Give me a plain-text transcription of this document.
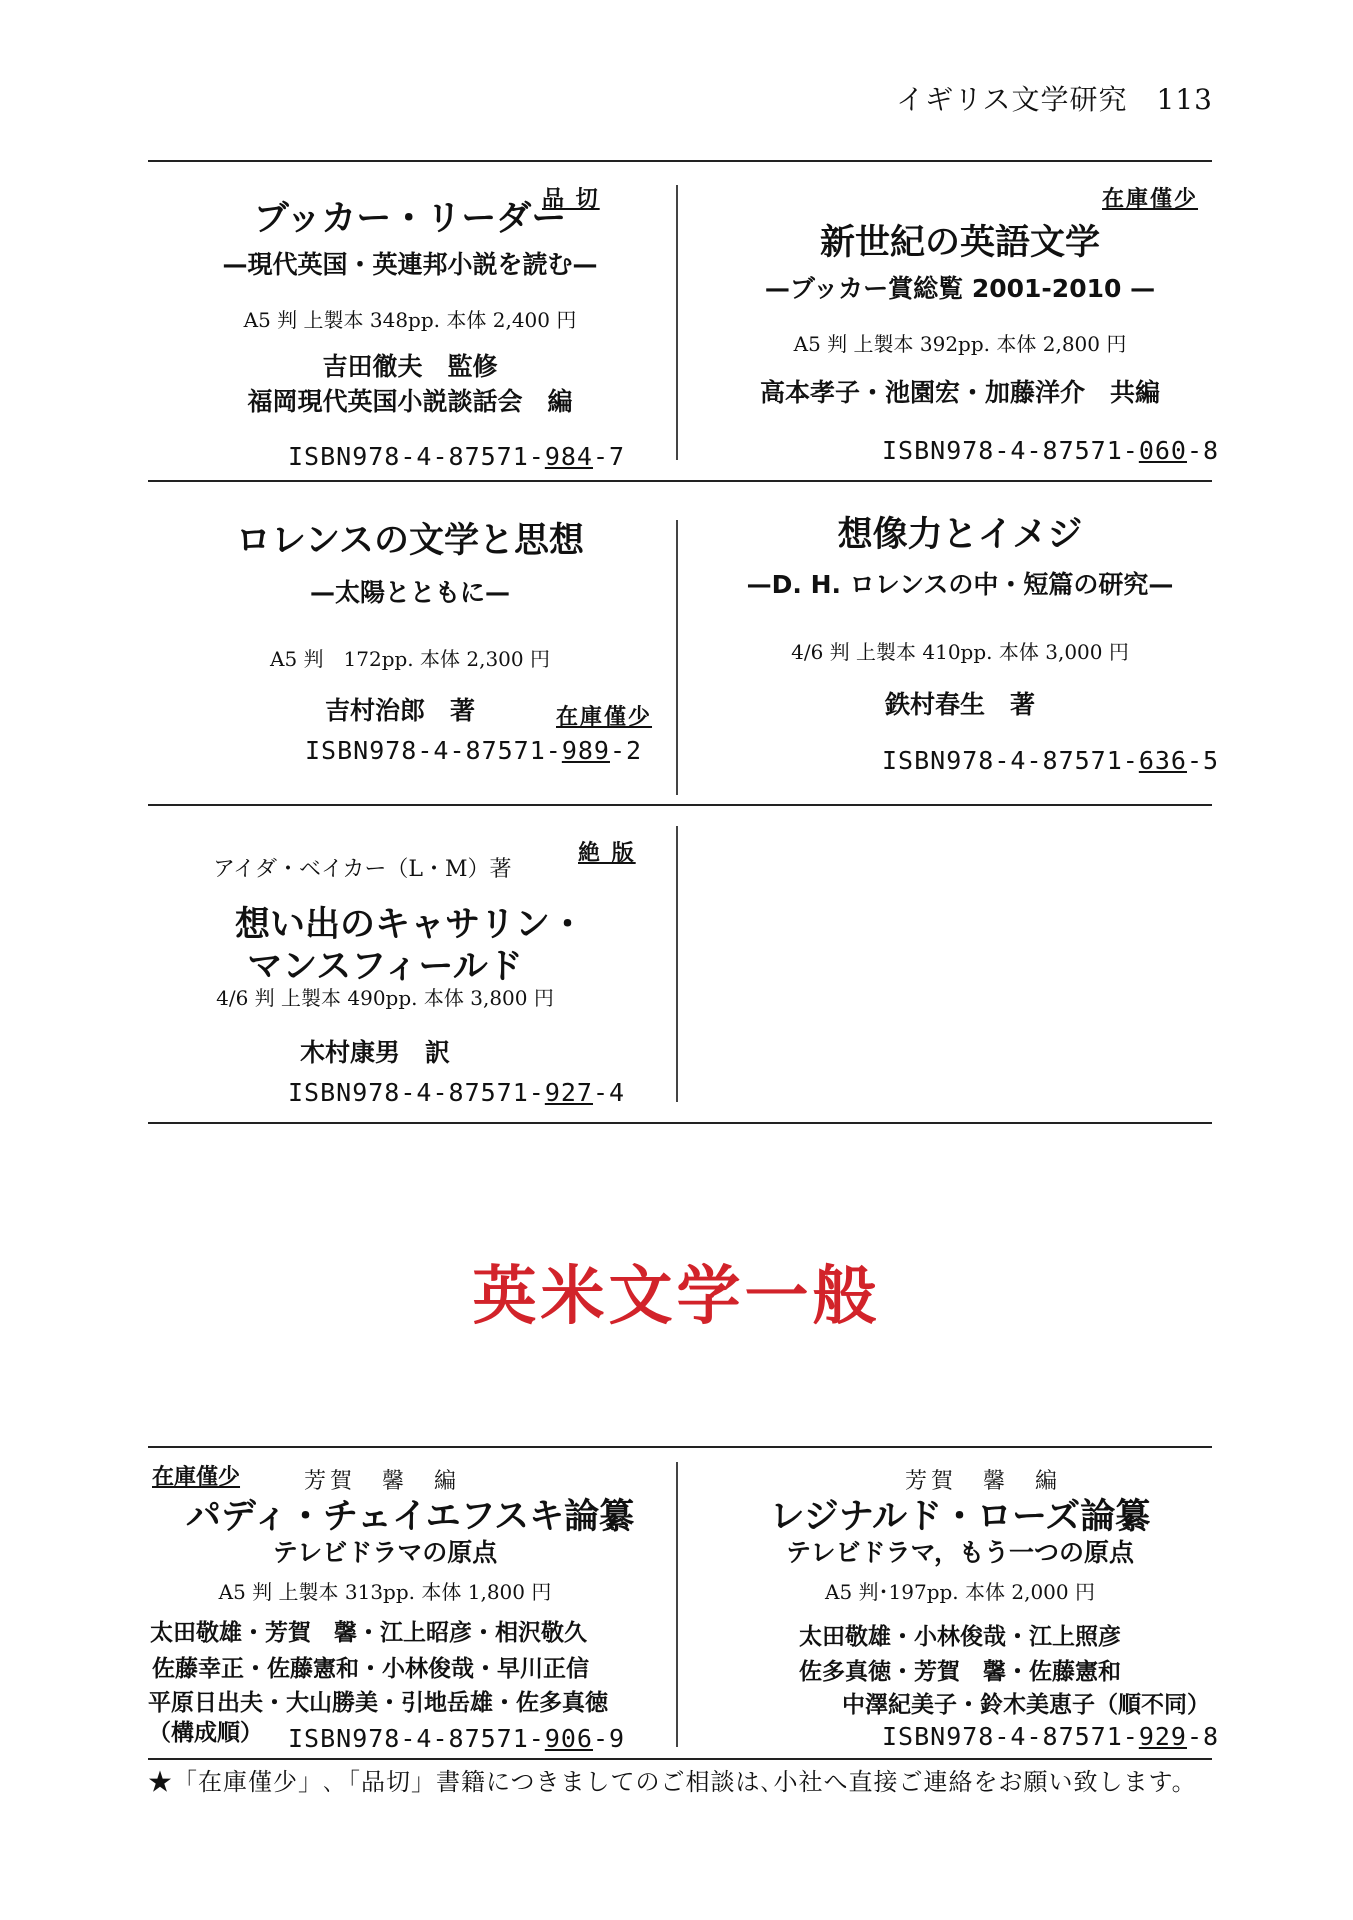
イギリス文学研究　 113
品 切
ブッカー・リーダー
—現代英国・英連邦小説を読む—
A5 判 上製本 348pp. 本体 2,400 円
吉田徹夫　監修
福岡現代英国小説談話会　編
ISBN978-4-87571-984-7
在庫僅少
新世紀の英語文学
—ブッカー賞総覧 2001-2010 —
A5 判 上製本 392pp. 本体 2,800 円
高本孝子・池園宏・加藤洋介　共編
ISBN978-4-87571-060-8
ロレンスの文学と思想
—太陽とともに—
A5 判　172pp. 本体 2,300 円
吉村治郎　著	在庫僅少
ISBN978-4-87571-989-2
想像力とイメジ
—D. H. ロレンスの中・短篇の研究—
4/6 判 上製本 410pp. 本体 3,000 円
鉄村春生　著
ISBN978-4-87571-636-5
絶 版
アイダ・ベイカー（L・M）著
想い出のキャサリン・
マンスフィールド
4/6 判 上製本 490pp. 本体 3,800 円
木村康男　訳
ISBN978-4-87571-927-4
英米文学一般
在庫僅少	芳賀　馨　編
パディ・チェイエフスキ論纂
テレビドラマの原点
A5 判 上製本 313pp. 本体 1,800 円
太田敬雄・芳賀　馨・江上昭彦・相沢敬久
佐藤幸正・佐藤憲和・小林俊哉・早川正信
平原日出夫・大山勝美・引地岳雄・佐多真徳
（構成順） ISBN978-4-87571-906-9
芳賀　馨　編
レジナルド・ローズ論纂
テレビドラマ，もう一つの原点
A5 判･197pp. 本体 2,000 円
太田敬雄・小林俊哉・江上照彦
佐多真徳・芳賀　馨・佐藤憲和
中澤紀美子・鈴木美恵子（順不同）
ISBN978-4-87571-929-8
★「在庫僅少」､「品切」書籍につきましてのご相談は､小社へ直接ご連絡をお願い致します。
